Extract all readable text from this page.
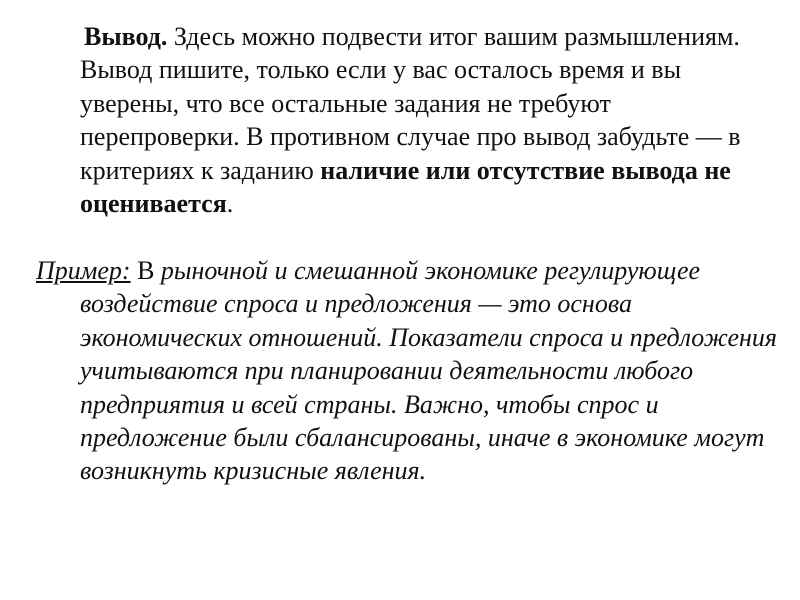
Вывод. Здесь можно подвести итог вашим размышлениям. Вывод пишите, только если у вас осталось время и вы уверены, что все остальные задания не требуют перепроверки. В противном случае про вывод забудьте — в критериях к заданию наличие или отсутствие вывода не оценивается.

Пример: В рыночной и смешанной экономике регулирующее воздействие спроса и предложения — это основа экономических отношений. Показатели спроса и предложения учитываются при планировании деятельности любого предприятия и всей страны. Важно, чтобы спрос и предложение были сбалансированы, иначе в экономике могут возникнуть кризисные явления.
